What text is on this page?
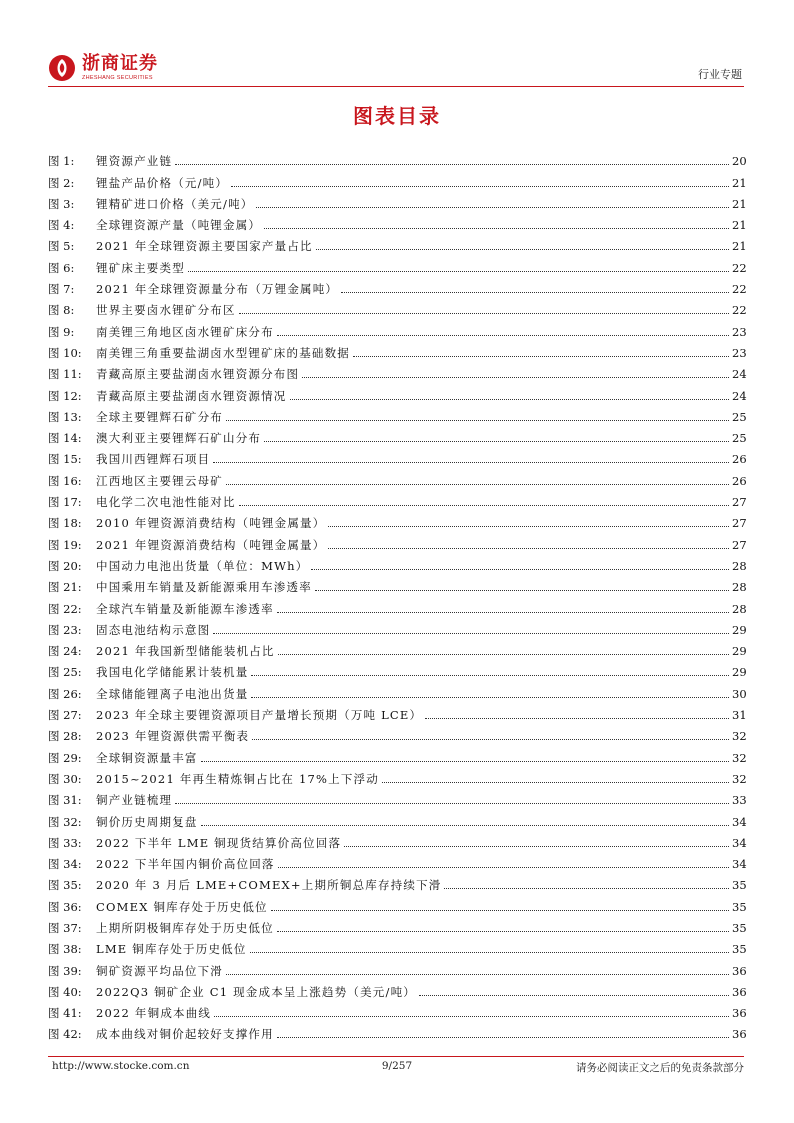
浙商证券
ZHESHANG SECURITIES	行业专题
图表目录
图 1:	锂资源产业链	20
图 2:	锂盐产品价格（元/吨）	21
图 3:	锂精矿进口价格（美元/吨）	21
图 4:	全球锂资源产量（吨锂金属）	21
图 5:	2021 年全球锂资源主要国家产量占比	21
图 6:	锂矿床主要类型	22
图 7:	2021 年全球锂资源量分布（万锂金属吨）	22
图 8:	世界主要卤水锂矿分布区	22
图 9:	南美锂三角地区卤水锂矿床分布	23
图 10:	南美锂三角重要盐湖卤水型锂矿床的基础数据	23
图 11:	青藏高原主要盐湖卤水锂资源分布图	24
图 12:	青藏高原主要盐湖卤水锂资源情况	24
图 13:	全球主要锂辉石矿分布	25
图 14:	澳大利亚主要锂辉石矿山分布	25
图 15:	我国川西锂辉石项目	26
图 16:	江西地区主要锂云母矿	26
图 17:	电化学二次电池性能对比	27
图 18:	2010 年锂资源消费结构（吨锂金属量）	27
图 19:	2021 年锂资源消费结构（吨锂金属量）	27
图 20:	中国动力电池出货量（单位：MWh）	28
图 21:	中国乘用车销量及新能源乘用车渗透率	28
图 22:	全球汽车销量及新能源车渗透率	28
图 23:	固态电池结构示意图	29
图 24:	2021 年我国新型储能装机占比	29
图 25:	我国电化学储能累计装机量	29
图 26:	全球储能锂离子电池出货量	30
图 27:	2023 年全球主要锂资源项目产量增长预期（万吨 LCE）	31
图 28:	2023 年锂资源供需平衡表	32
图 29:	全球铜资源量丰富	32
图 30:	2015~2021 年再生精炼铜占比在 17%上下浮动	32
图 31:	铜产业链梳理	33
图 32:	铜价历史周期复盘	34
图 33:	2022 下半年 LME 铜现货结算价高位回落	34
图 34:	2022 下半年国内铜价高位回落	34
图 35:	2020 年 3 月后 LME+COMEX+上期所铜总库存持续下滑	35
图 36:	COMEX 铜库存处于历史低位	35
图 37:	上期所阴极铜库存处于历史低位	35
图 38:	LME 铜库存处于历史低位	35
图 39:	铜矿资源平均品位下滑	36
图 40:	2022Q3 铜矿企业 C1 现金成本呈上涨趋势（美元/吨）	36
图 41:	2022 年铜成本曲线	36
图 42:	成本曲线对铜价起较好支撑作用	36
http://www.stocke.com.cn	9/257	请务必阅读正文之后的免责条款部分
